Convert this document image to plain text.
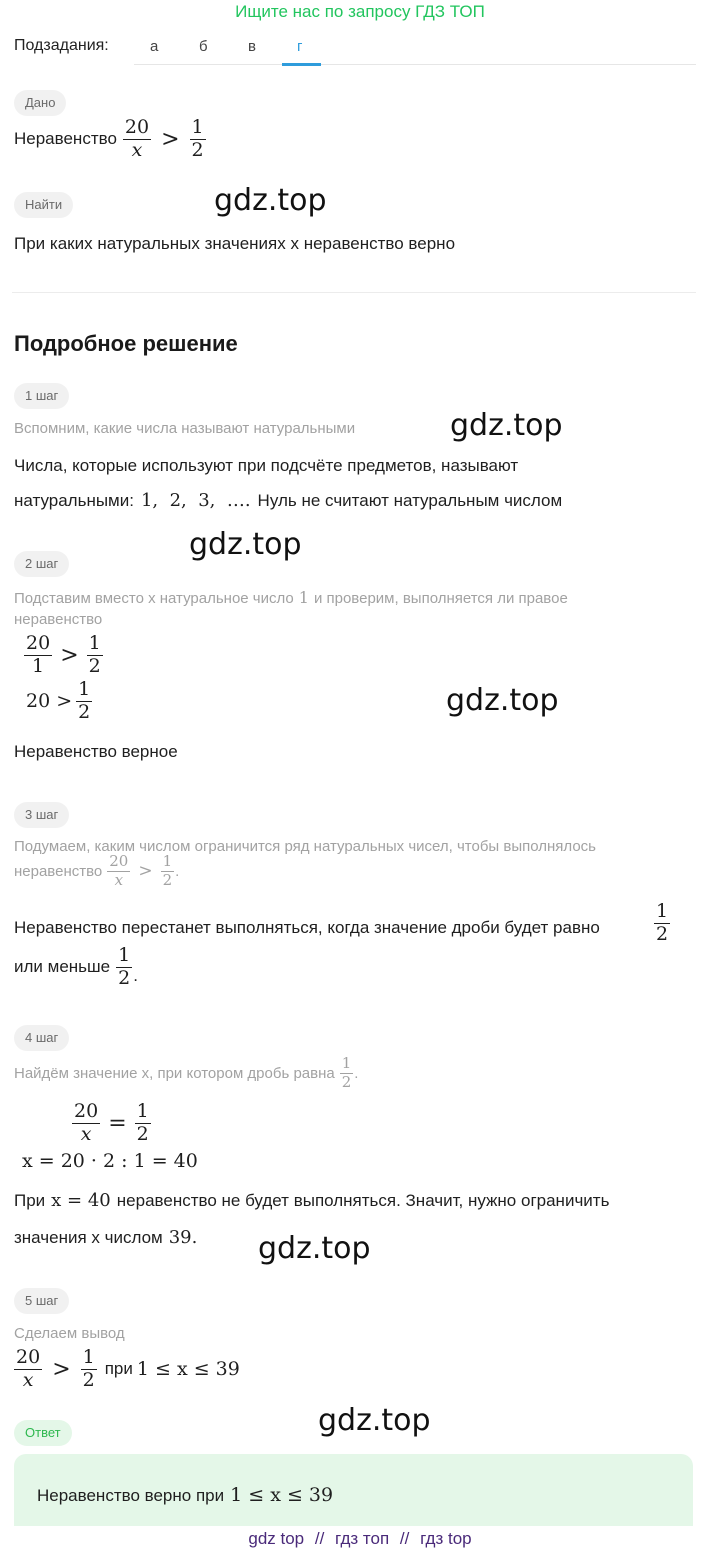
Ищите нас по запросу ГДЗ ТОП
Подзадания:	а	б	в	г
Дано
Неравенство $\frac{20}{x} > \frac{1}{2}$
Найти	gdz.top
При каких натуральных значениях x неравенство верно
Подробное решение
1 шаг
Вспомним, какие числа называют натуральными	gdz.top
Числа, которые используют при подсчёте предметов, называют
натуральными: 1,  2,  3,  …. Нуль не считают натуральным числом
gdz.top
2 шаг
Подставим вместо x натуральное число 1 и проверим, выполняется ли правое
неравенство
$\frac{20}{1} > \frac{1}{2}$
$20 > \frac{1}{2}$	gdz.top
Неравенство верное
3 шаг
Подумаем, каким числом ограничится ряд натуральных чисел, чтобы выполнялось
неравенство $\frac{20}{x} > \frac{1}{2}$ .
Неравенство перестанет выполняться, когда значение дроби будет равно	$\frac{1}{2}$
или меньше $\frac{1}{2}$ .
4 шаг
Найдём значение x, при котором дробь равна $\frac{1}{2}$ .
$\frac{20}{x} = \frac{1}{2}$
x = 20 · 2 : 1 = 40
При x = 40 неравенство не будет выполняться. Значит, нужно ограничить
значения x числом 39. gdz.top
5 шаг
Сделаем вывод
$\frac{20}{x} > \frac{1}{2}$ при 1 ≤ x ≤ 39
gdz.top
Ответ
Неравенство верно при 1 ≤ x ≤ 39
gdz top // гдз топ // гдз top
